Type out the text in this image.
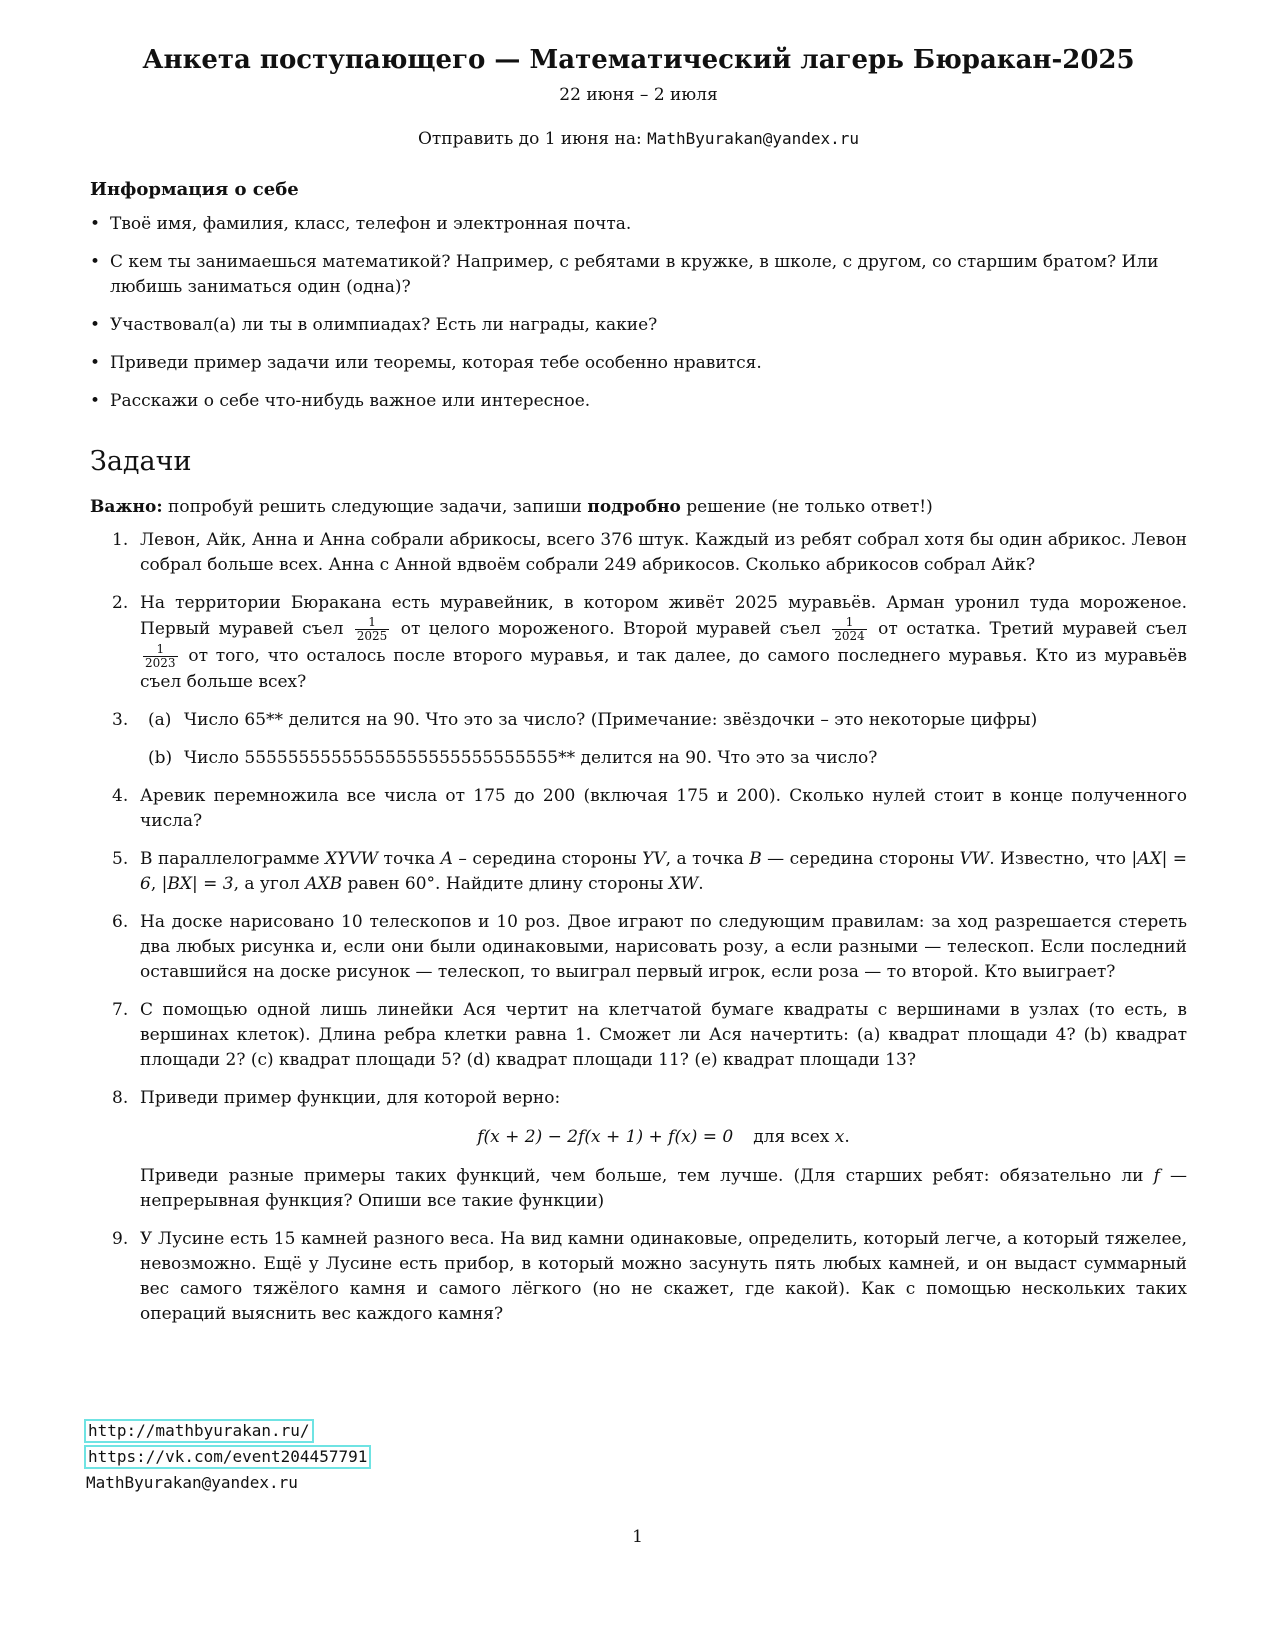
Анкета поступающего — Математический лагерь Бюракан-2025
22 июня – 2 июля
Отправить до 1 июня на: MathByurakan@yandex.ru
Информация о себе
• Твоё имя, фамилия, класс, телефон и электронная почта.
• С кем ты занимаешься математикой? Например, с ребятами в кружке, в школе, с другом, со старшим братом? Или любишь заниматься один (одна)?
• Участвовал(а) ли ты в олимпиадах? Есть ли награды, какие?
• Приведи пример задачи или теоремы, которая тебе особенно нравится.
• Расскажи о себе что-нибудь важное или интересное.
Задачи
Важно: попробуй решить следующие задачи, запиши подробно решение (не только ответ!)
1. Левон, Айк, Анна и Анна собрали абрикосы, всего 376 штук. Каждый из ребят собрал хотя бы один абрикос. Левон собрал больше всех. Анна с Анной вдвоём собрали 249 абрикосов. Сколько абрикосов собрал Айк?
2. На территории Бюракана есть муравейник, в котором живёт 2025 муравьёв. Арман уронил туда мороженое. Первый муравей съел $\frac{1}{2025}$ от целого мороженого. Второй муравей съел $\frac{1}{2024}$ от остатка. Третий муравей съел
$\frac{1}{2023}$ от того, что осталось после второго муравья, и так далее, до самого последнего муравья. Кто из муравьёв съел больше всех?
3. (a) Число 65** делится на 90. Что это за число? (Примечание: звёздочки – это некоторые цифры)
(b) Число 55555555555555555555555555555** делится на 90. Что это за число?
4. Аревик перемножила все числа от 175 до 200 (включая 175 и 200). Сколько нулей стоит в конце полученного числа?
5. В параллелограмме XYVW точка A – середина стороны YV, а точка B — середина стороны VW. Известно, что |AX| = 6, |BX| = 3, а угол AXB равен 60°. Найдите длину стороны XW.
6. На доске нарисовано 10 телескопов и 10 роз. Двое играют по следующим правилам: за ход разрешается стереть два любых рисунка и, если они были одинаковыми, нарисовать розу, а если разными — телескоп. Если последний оставшийся на доске рисунок — телескоп, то выиграл первый игрок, если роза — то второй. Кто выиграет?
7. С помощью одной лишь линейки Ася чертит на клетчатой бумаге квадраты с вершинами в узлах (то есть, в вершинах клеток). Длина ребра клетки равна 1. Сможет ли Ася начертить: (a) квадрат площади 4? (b) квадрат площади 2? (c) квадрат площади 5? (d) квадрат площади 11? (e) квадрат площади 13?
8. Приведи пример функции, для которой верно:
f(x + 2) − 2f(x + 1) + f(x) = 0 для всех x.
Приведи разные примеры таких функций, чем больше, тем лучше. (Для старших ребят: обязательно ли f — непрерывная функция? Опиши все такие функции)
9. У Лусине есть 15 камней разного веса. На вид камни одинаковые, определить, который легче, а который тяжелее, невозможно. Ещё у Лусине есть прибор, в который можно засунуть пять любых камней, и он выдаст суммарный вес самого тяжёлого камня и самого лёгкого (но не скажет, где какой). Как с помощью нескольких таких операций выяснить вес каждого камня?
http://mathbyurakan.ru/
https://vk.com/event204457791
MathByurakan@yandex.ru
1
